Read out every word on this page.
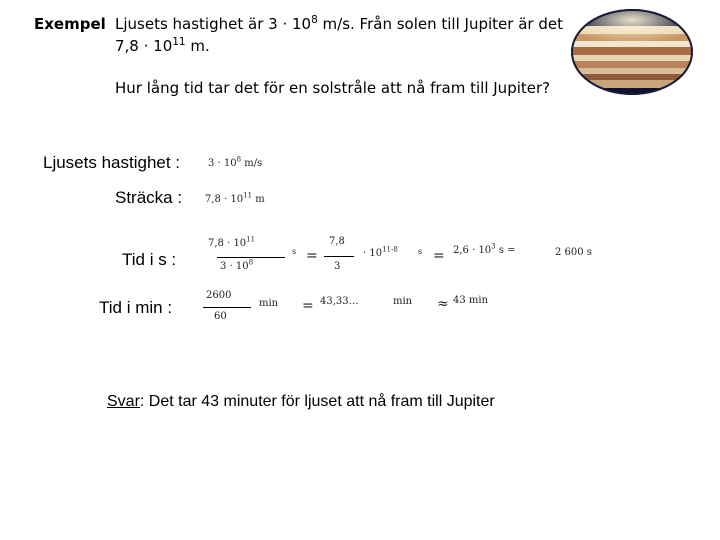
Exempel Ljusets hastighet är $3 \cdot 10^8$ m/s. Från solen till Jupiter är det
$7,8 \cdot 10^{11}$ m.
Hur lång tid tar det för en solstråle att nå fram till Jupiter?
Ljusets hastighet :	$3 \cdot 10^8$ m/s
Sträcka : $7,8 \cdot 10^{11}$ m
Tid i s :
$7,8 \cdot 10^{11}$
$3 \cdot 10^8$
s =
7,8
3
· $10^{11-8}$	$s = 2,6 \cdot 10^3$ s =	2 600 s
Tid i min :
2600
60
min = 43,33…	min ≈ 43 min
Svar: Det tar 43 minuter för ljuset att nå fram till Jupiter
